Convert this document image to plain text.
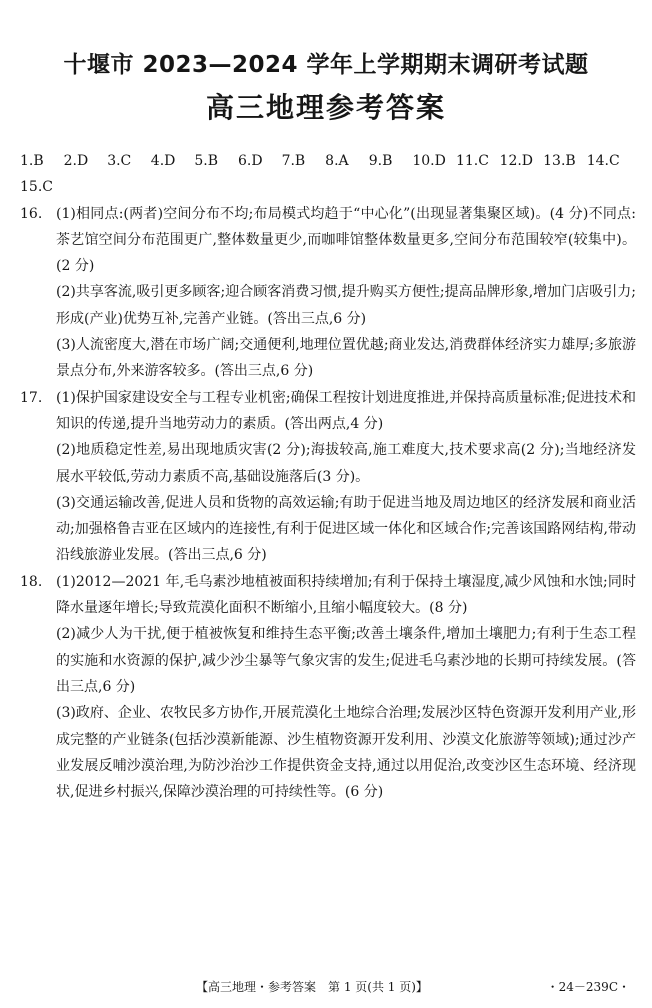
十堰市 2023—2024 学年上学期期末调研考试题
高三地理参考答案
1.B 2.D 3.C 4.D 5.B 6.D 7.B 8.A 9.B 10.D 11.C 12.D 13.B 14.C
15.C
16. (1)相同点:(两者)空间分布不均;布局模式均趋于“中心化”(出现显著集聚区域)。(4 分)不同点:茶艺馆空间分布范围更广,整体数量更少,而咖啡馆整体数量更多,空间分布范围较窄(较集中)。(2 分)

(2)共享客流,吸引更多顾客;迎合顾客消费习惯,提升购买方便性;提高品牌形象,增加门店吸引力;形成(产业)优势互补,完善产业链。(答出三点,6 分)

(3)人流密度大,潜在市场广阔;交通便利,地理位置优越;商业发达,消费群体经济实力雄厚;多旅游景点分布,外来游客较多。(答出三点,6 分)

17. (1)保护国家建设安全与工程专业机密;确保工程按计划进度推进,并保持高质量标准;促进技术和知识的传递,提升当地劳动力的素质。(答出两点,4 分)

(2)地质稳定性差,易出现地质灾害(2 分);海拔较高,施工难度大,技术要求高(2 分);当地经济发展水平较低,劳动力素质不高,基础设施落后(3 分)。

(3)交通运输改善,促进人员和货物的高效运输;有助于促进当地及周边地区的经济发展和商业活动;加强格鲁吉亚在区域内的连接性,有利于促进区域一体化和区域合作;完善该国路网结构,带动沿线旅游业发展。(答出三点,6 分)

18. (1)2012—2021 年,毛乌素沙地植被面积持续增加;有利于保持土壤湿度,减少风蚀和水蚀;同时降水量逐年增长;导致荒漠化面积不断缩小,且缩小幅度较大。(8 分)

(2)减少人为干扰,便于植被恢复和维持生态平衡;改善土壤条件,增加土壤肥力;有利于生态工程的实施和水资源的保护,减少沙尘暴等气象灾害的发生;促进毛乌素沙地的长期可持续发展。(答出三点,6 分)

(3)政府、企业、农牧民多方协作,开展荒漠化土地综合治理;发展沙区特色资源开发利用产业,形成完整的产业链条(包括沙漠新能源、沙生植物资源开发利用、沙漠文化旅游等领域);通过沙产业发展反哺沙漠治理,为防沙治沙工作提供资金支持,通过以用促治,改变沙区生态环境、经济现状,促进乡村振兴,保障沙漠治理的可持续性等。(6 分)

【高三地理・参考答案　第 1 页(共 1 页)】	・24－239C・
